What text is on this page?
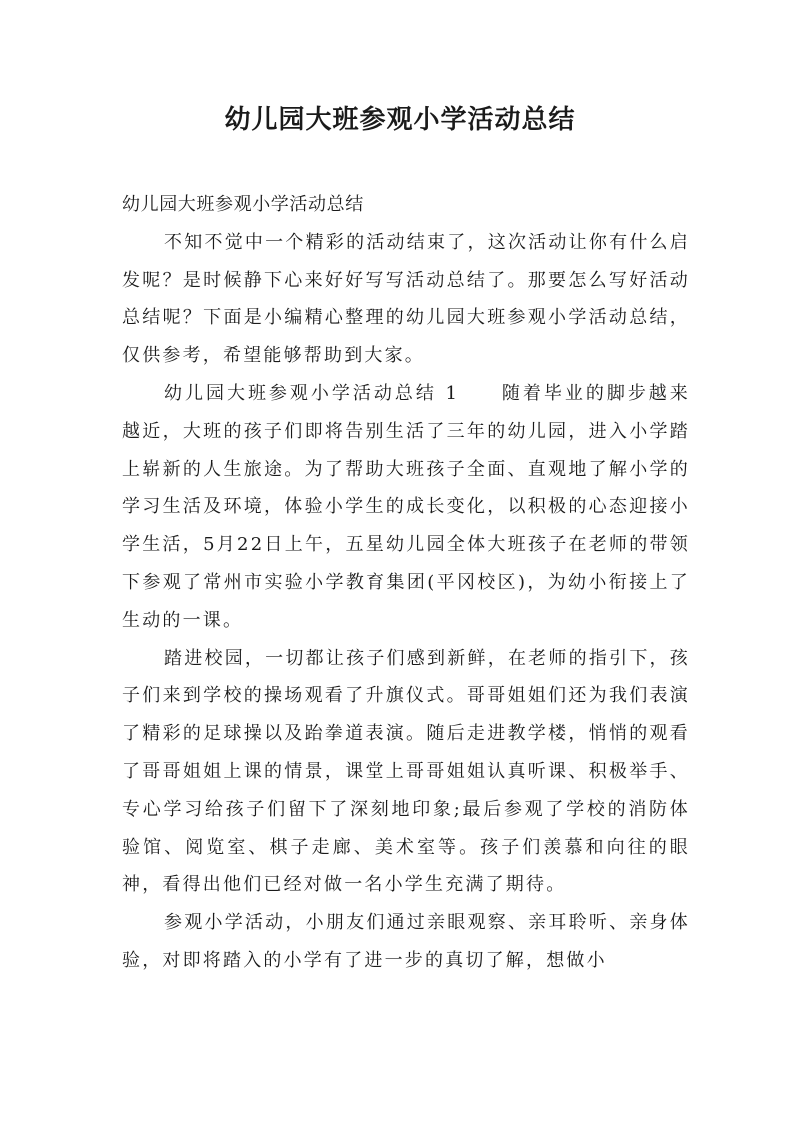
幼儿园大班参观小学活动总结

幼儿园大班参观小学活动总结

不知不觉中一个精彩的活动结束了，这次活动让你有什么启发呢？是时候静下心来好好写写活动总结了。那要怎么写好活动总结呢？下面是小编精心整理的幼儿园大班参观小学活动总结，仅供参考，希望能够帮助到大家。

幼儿园大班参观小学活动总结 1　　随着毕业的脚步越来越近，大班的孩子们即将告别生活了三年的幼儿园，进入小学踏上崭新的人生旅途。为了帮助大班孩子全面、直观地了解小学的学习生活及环境，体验小学生的成长变化，以积极的心态迎接小学生活，5月22日上午，五星幼儿园全体大班孩子在老师的带领下参观了常州市实验小学教育集团(平冈校区)，为幼小衔接上了生动的一课。

踏进校园，一切都让孩子们感到新鲜，在老师的指引下，孩子们来到学校的操场观看了升旗仪式。哥哥姐姐们还为我们表演了精彩的足球操以及跆拳道表演。随后走进教学楼，悄悄的观看了哥哥姐姐上课的情景，课堂上哥哥姐姐认真听课、积极举手、专心学习给孩子们留下了深刻地印象;最后参观了学校的消防体验馆、阅览室、棋子走廊、美术室等。孩子们羡慕和向往的眼神，看得出他们已经对做一名小学生充满了期待。

参观小学活动，小朋友们通过亲眼观察、亲耳聆听、亲身体验，对即将踏入的小学有了进一步的真切了解，想做小
